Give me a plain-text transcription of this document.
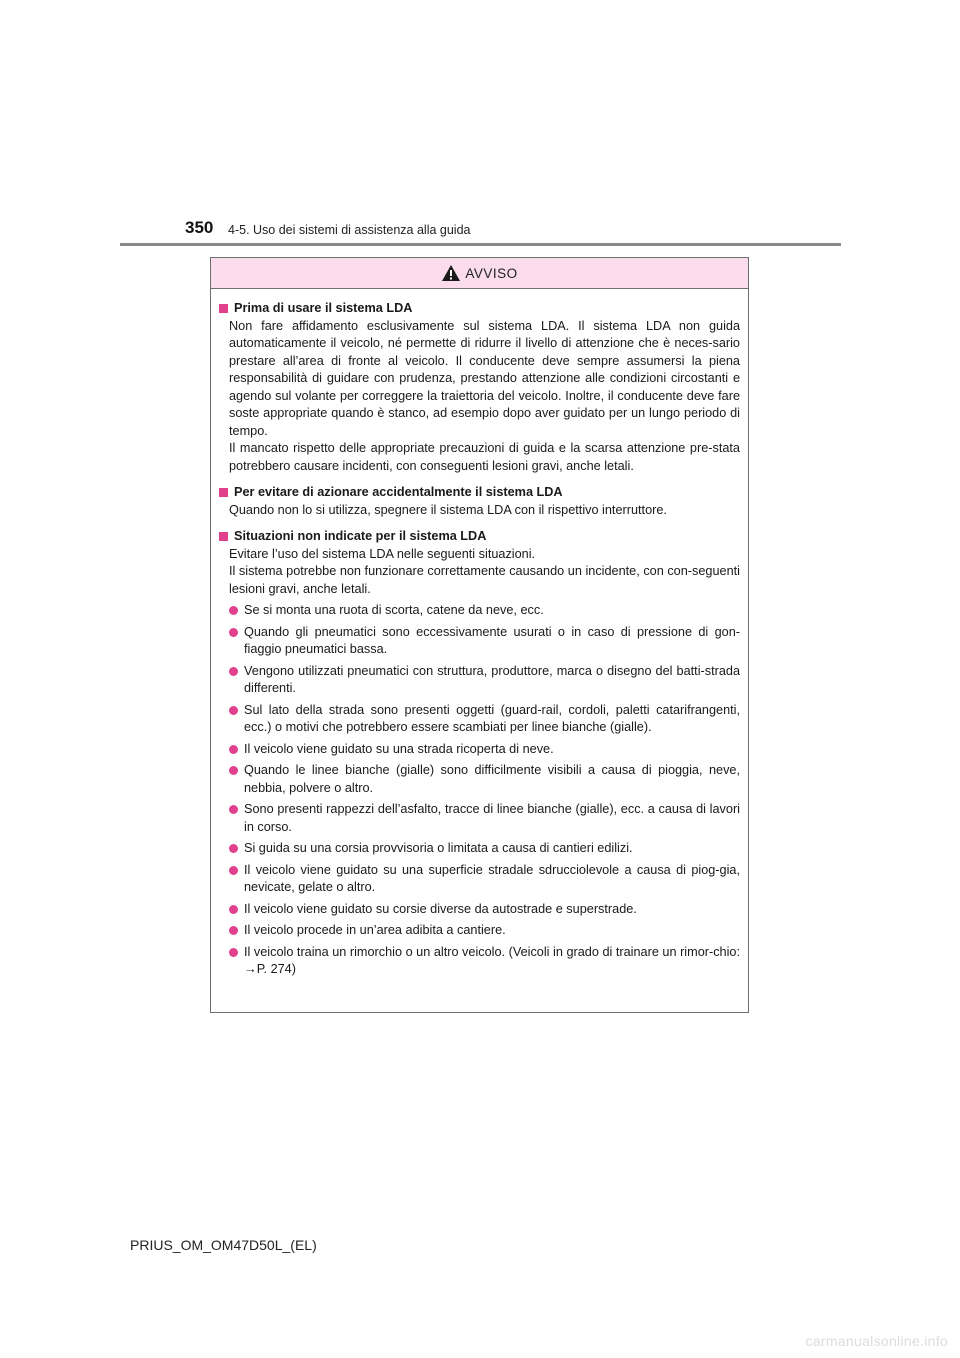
350 4-5. Uso dei sistemi di assistenza alla guida
AVVISO
Prima di usare il sistema LDA
Non fare affidamento esclusivamente sul sistema LDA. Il sistema LDA non guida automaticamente il veicolo, né permette di ridurre il livello di attenzione che è neces-sario prestare all’area di fronte al veicolo. Il conducente deve sempre assumersi la piena responsabilità di guidare con prudenza, prestando attenzione alle condizioni circostanti e agendo sul volante per correggere la traiettoria del veicolo. Inoltre, il conducente deve fare soste appropriate quando è stanco, ad esempio dopo aver guidato per un lungo periodo di tempo.
Il mancato rispetto delle appropriate precauzioni di guida e la scarsa attenzione pre-stata potrebbero causare incidenti, con conseguenti lesioni gravi, anche letali.
Per evitare di azionare accidentalmente il sistema LDA
Quando non lo si utilizza, spegnere il sistema LDA con il rispettivo interruttore.
Situazioni non indicate per il sistema LDA
Evitare l’uso del sistema LDA nelle seguenti situazioni.
Il sistema potrebbe non funzionare correttamente causando un incidente, con con-seguenti lesioni gravi, anche letali.
Se si monta una ruota di scorta, catene da neve, ecc.
Quando gli pneumatici sono eccessivamente usurati o in caso di pressione di gon-fiaggio pneumatici bassa.
Vengono utilizzati pneumatici con struttura, produttore, marca o disegno del batti-strada differenti.
Sul lato della strada sono presenti oggetti (guard-rail, cordoli, paletti catarifrangenti, ecc.) o motivi che potrebbero essere scambiati per linee bianche (gialle).
Il veicolo viene guidato su una strada ricoperta di neve.
Quando le linee bianche (gialle) sono difficilmente visibili a causa di pioggia, neve, nebbia, polvere o altro.
Sono presenti rappezzi dell’asfalto, tracce di linee bianche (gialle), ecc. a causa di lavori in corso.
Si guida su una corsia provvisoria o limitata a causa di cantieri edilizi.
Il veicolo viene guidato su una superficie stradale sdrucciolevole a causa di piog-gia, nevicate, gelate o altro.
Il veicolo viene guidato su corsie diverse da autostrade e superstrade.
Il veicolo procede in un’area adibita a cantiere.
Il veicolo traina un rimorchio o un altro veicolo. (Veicoli in grado di trainare un rimor-chio: →P. 274)
PRIUS_OM_OM47D50L_(EL)
carmanualsonline.info
